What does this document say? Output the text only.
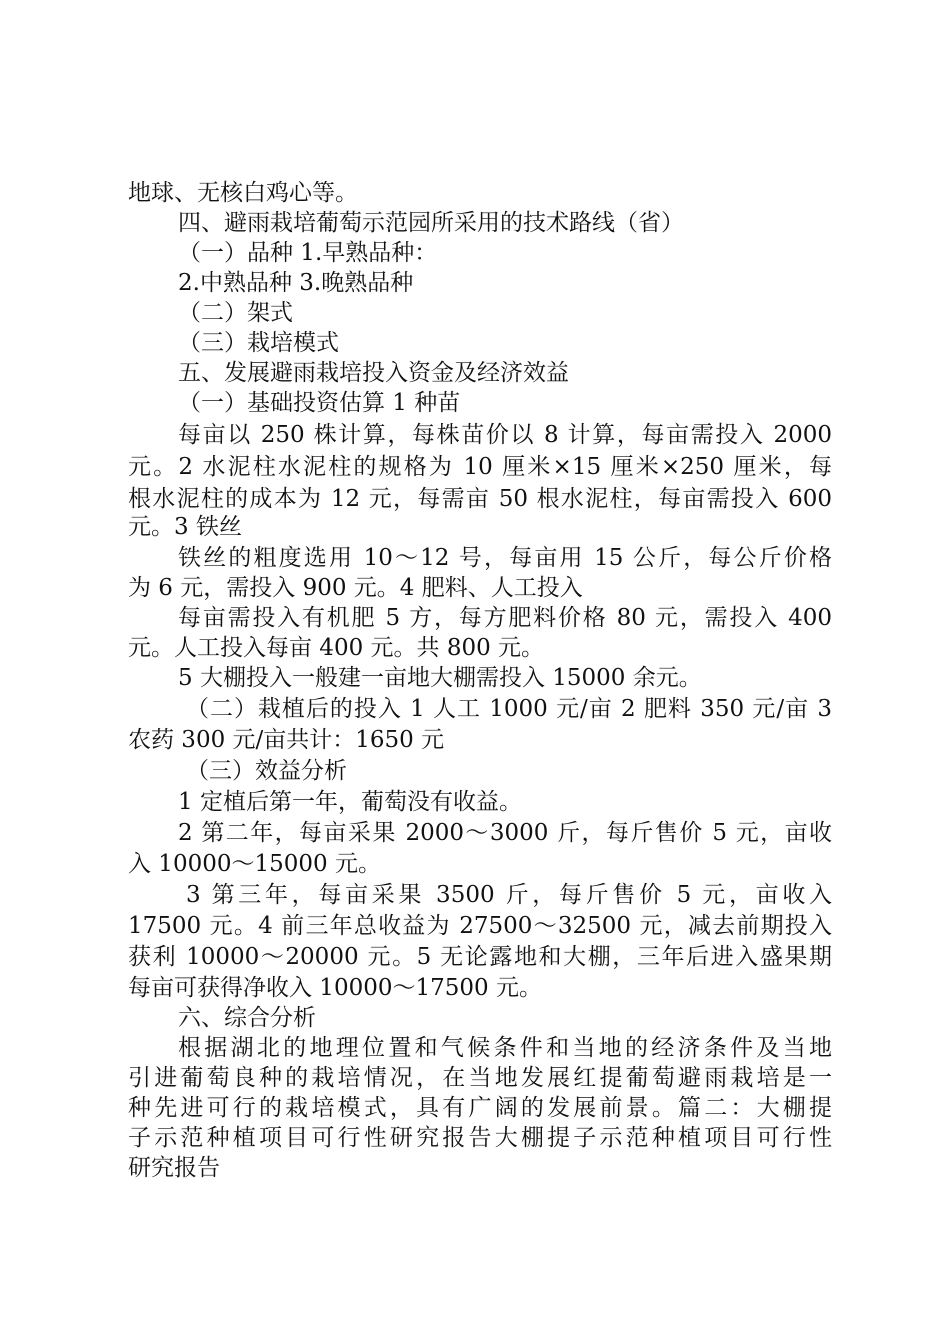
地球、无核白鸡心等。
四、避雨栽培葡萄示范园所采用的技术路线（省）
（一）品种 1.早熟品种：
2.中熟品种 3.晚熟品种
（二）架式
（三）栽培模式
五、发展避雨栽培投入资金及经济效益
（一）基础投资估算 1 种苗
每亩以 250 株计算，每株苗价以 8 计算，每亩需投入 2000
元。2 水泥柱水泥柱的规格为 10 厘米×15 厘米×250 厘米，每
根水泥柱的成本为 12 元，每需亩 50 根水泥柱，每亩需投入 600
元。3 铁丝
铁丝的粗度选用 10～12 号，每亩用 15 公斤，每公斤价格
为 6 元，需投入 900 元。4 肥料、人工投入
每亩需投入有机肥 5 方，每方肥料价格 80 元，需投入 400
元。人工投入每亩 400 元。共 800 元。
5 大棚投入一般建一亩地大棚需投入 15000 余元。
（二）栽植后的投入 1 人工 1000 元/亩 2 肥料 350 元/亩 3
农药 300 元/亩共计：1650 元
（三）效益分析
1 定植后第一年，葡萄没有收益。
2 第二年，每亩采果 2000～3000 斤，每斤售价 5 元，亩收
入 10000～15000 元。
3 第三年，每亩采果 3500 斤，每斤售价 5 元，亩收入
17500 元。4 前三年总收益为 27500～32500 元，减去前期投入
获利 10000～20000 元。5 无论露地和大棚，三年后进入盛果期
每亩可获得净收入 10000～17500 元。
六、综合分析
根据湖北的地理位置和气候条件和当地的经济条件及当地
引进葡萄良种的栽培情况，在当地发展红提葡萄避雨栽培是一
种先进可行的栽培模式，具有广阔的发展前景。篇二：大棚提
子示范种植项目可行性研究报告大棚提子示范种植项目可行性
研究报告
